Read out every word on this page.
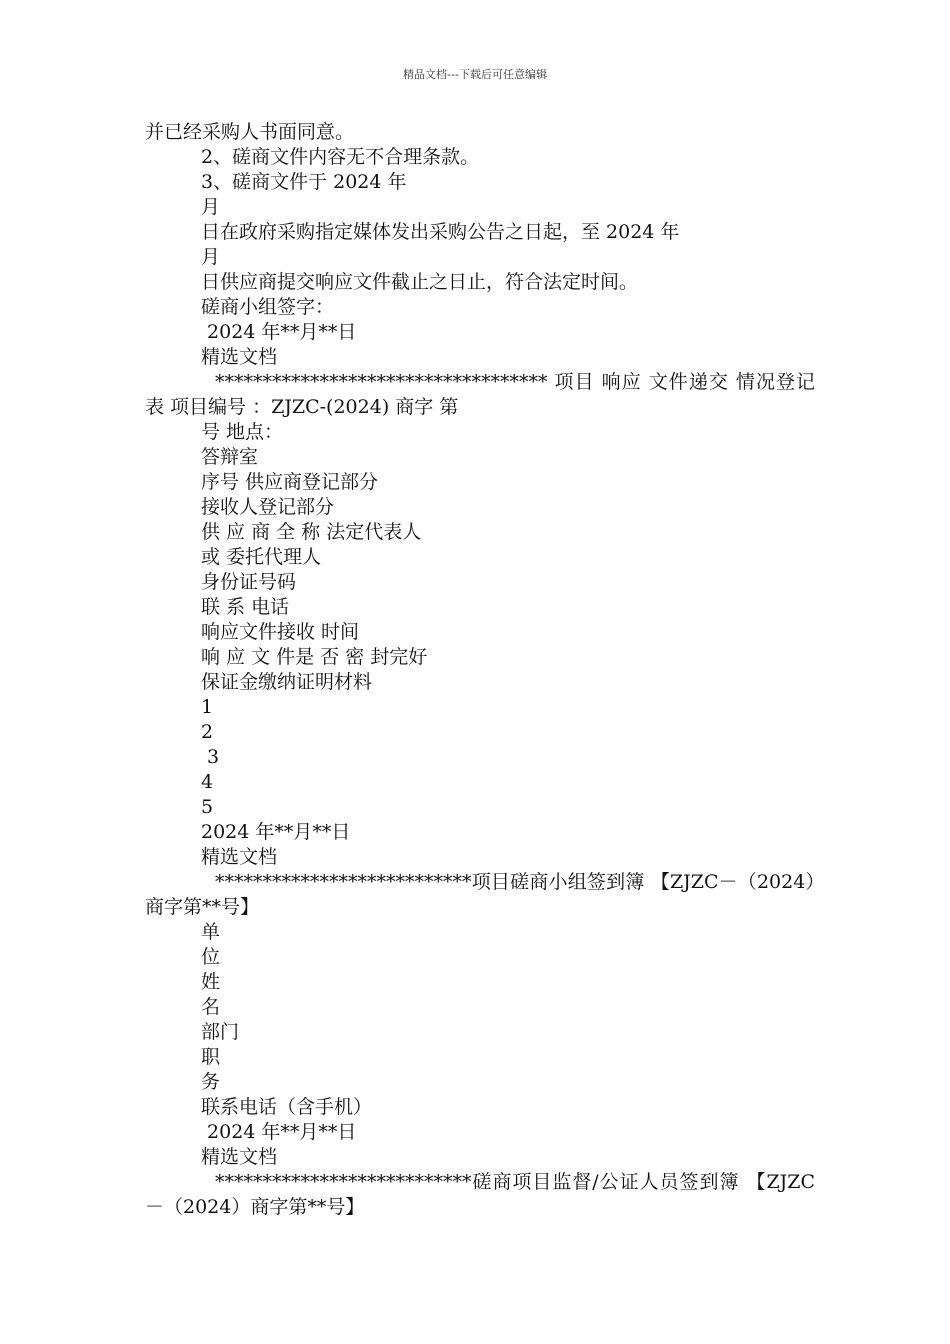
精品文档---下载后可任意编辑
并已经采购人书面同意。
2、磋商文件内容无不合理条款。
3、磋商文件于 2024 年
月
日在政府采购指定媒体发出采购公告之日起，至 2024 年
月
日供应商提交响应文件截止之日止，符合法定时间。
磋商小组签字：
2024 年**月**日
精选文档
*********************************** 项目 响应 文件递交 情况登记表 项目编号 ：ZJZC-(2024) 商字 第
号 地点：
答辩室
序号 供应商登记部分
接收人登记部分
供 应 商 全 称 法定代表人
或 委托代理人
身份证号码
联 系 电话
响应文件接收 时间
响 应 文 件是 否 密 封完好
保证金缴纳证明材料
1
2
3
4
5
2024 年**月**日
精选文档
***************************项目磋商小组签到簿 【ZJZC－（2024）商字第**号】
单
位
姓
名
部门
职
务
联系电话（含手机）
2024 年**月**日
精选文档
***************************磋商项目监督/公证人员签到簿 【ZJZC－（2024）商字第**号】
